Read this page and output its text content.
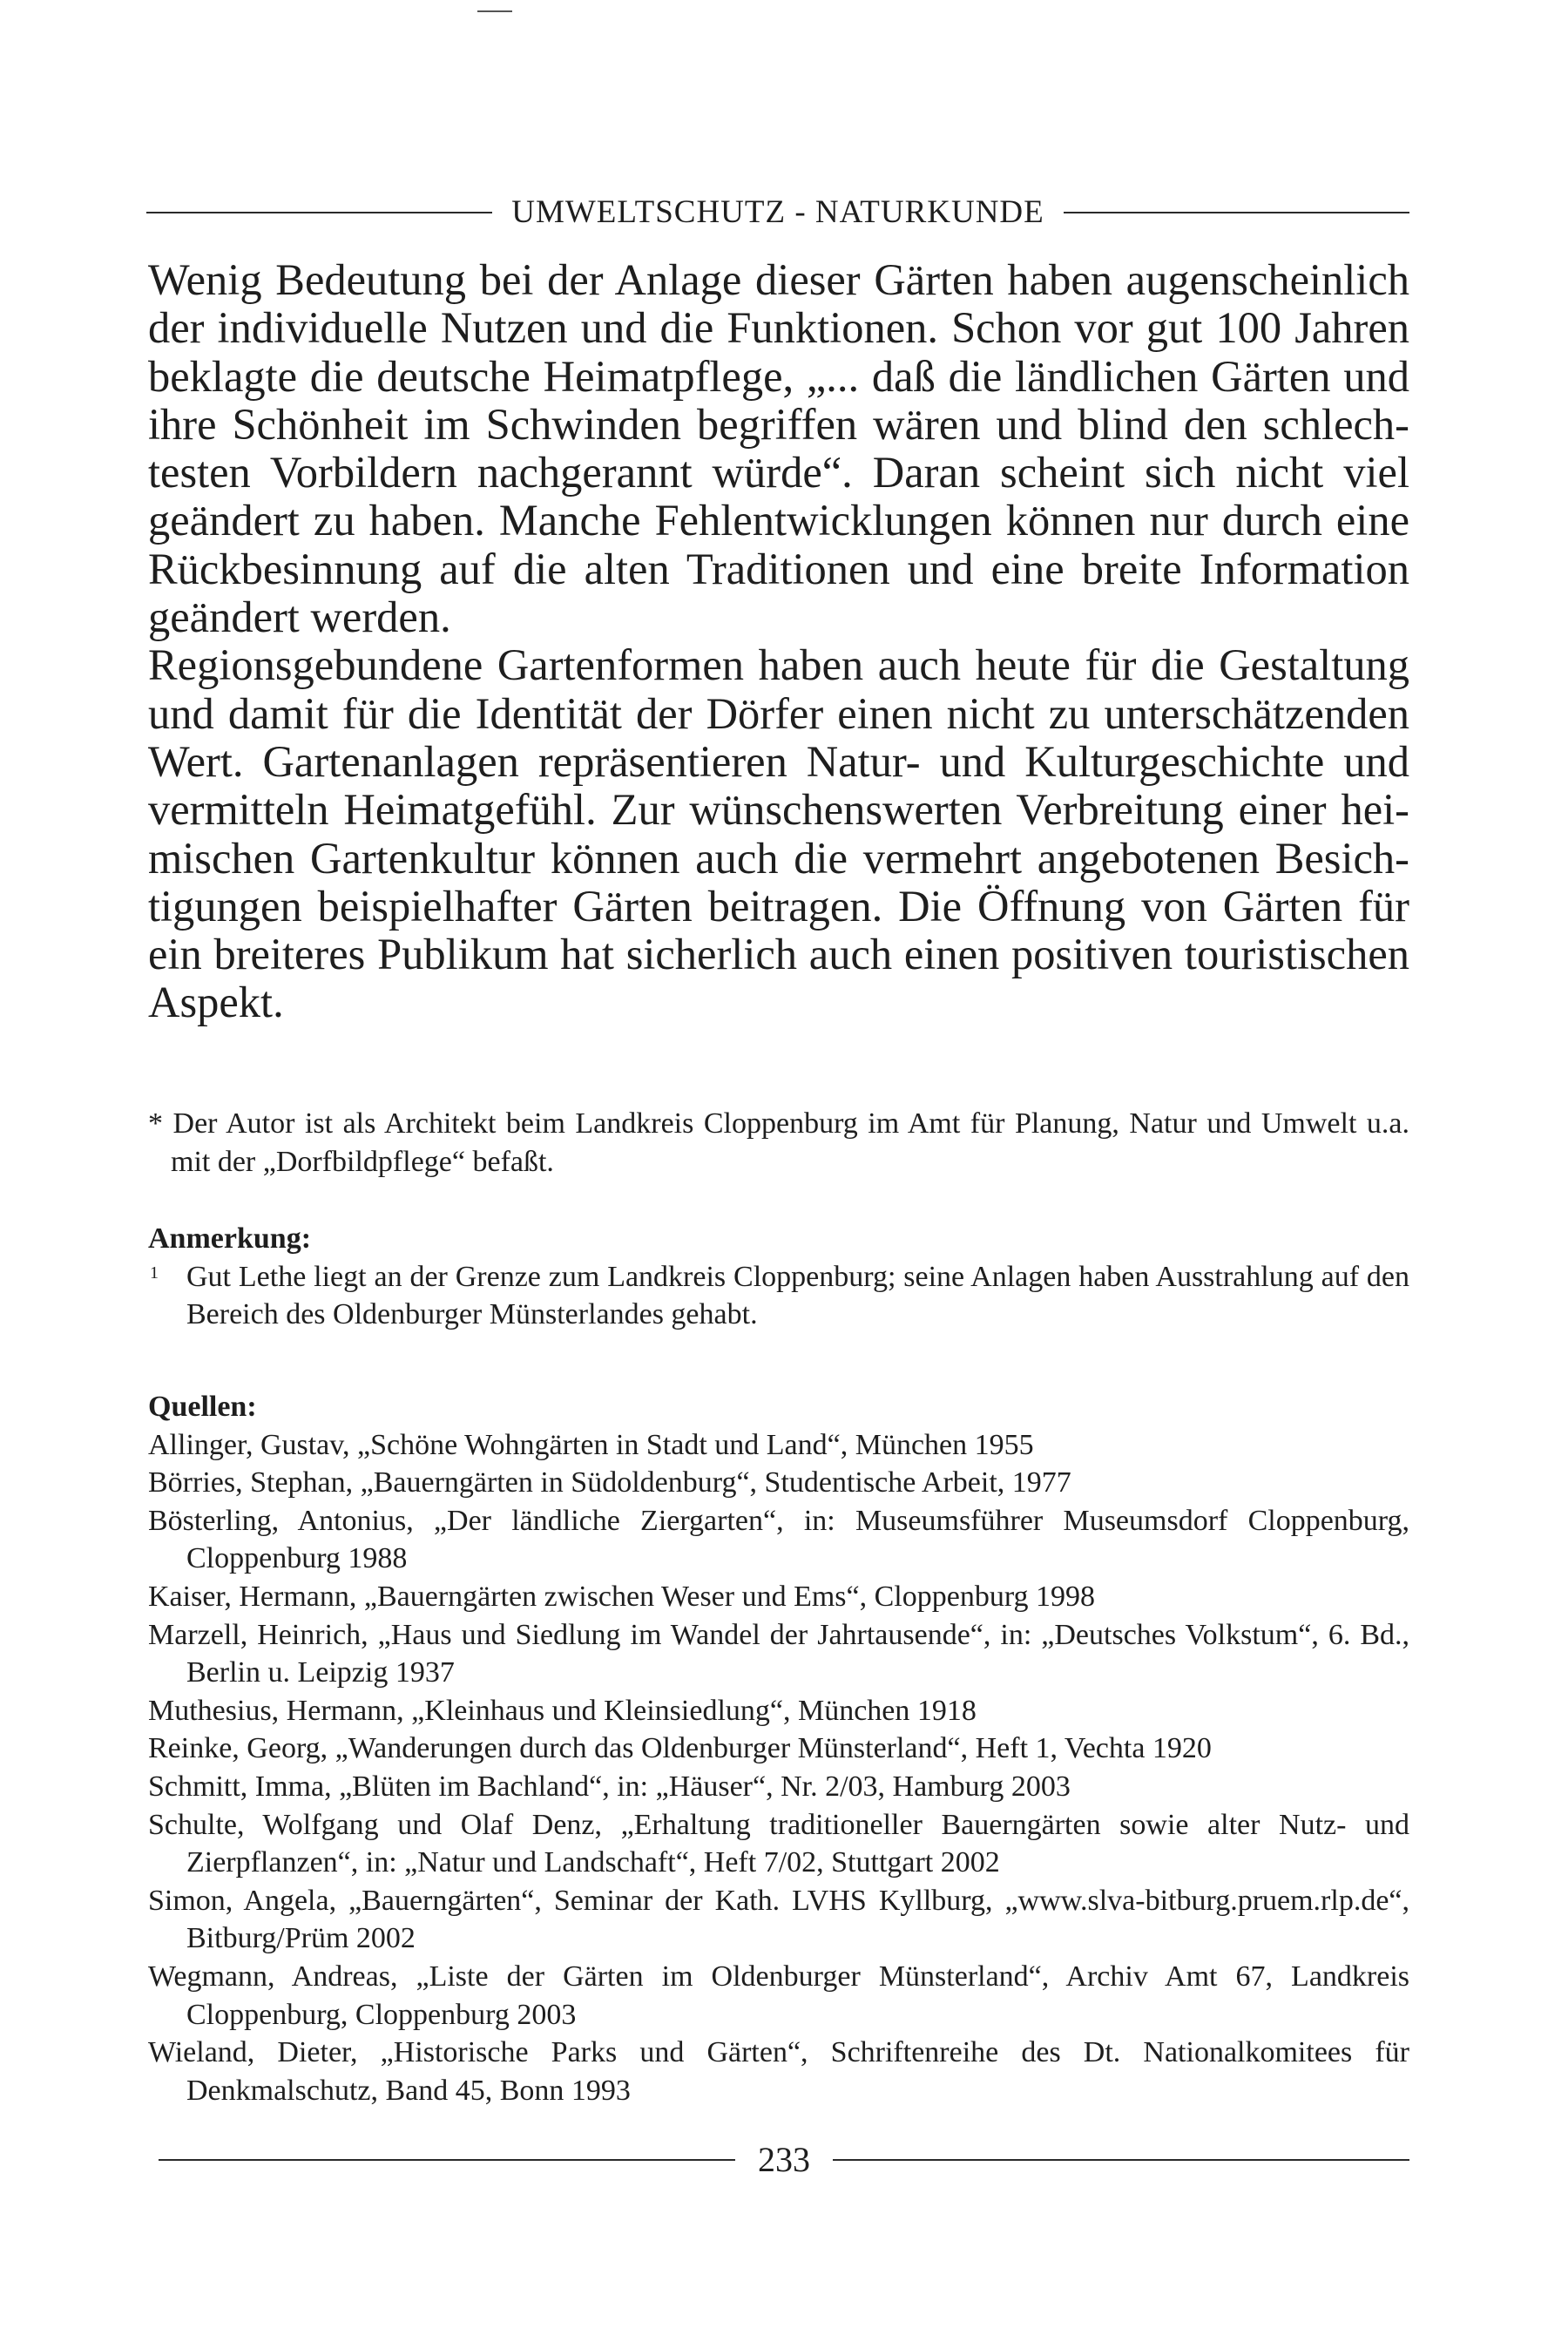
UMWELTSCHUTZ - NATURKUNDE

Wenig Bedeutung bei der Anlage dieser Gärten haben augenscheinlich der individuelle Nutzen und die Funktionen. Schon vor gut 100 Jahren beklagte die deutsche Heimatpflege, „... daß die ländlichen Gärten und ihre Schönheit im Schwinden begriffen wären und blind den schlechtesten Vorbildern nachgerannt würde“. Daran scheint sich nicht viel geändert zu haben. Manche Fehlentwicklungen können nur durch eine Rückbesinnung auf die alten Traditionen und eine breite Information geändert werden.

Regionsgebundene Gartenformen haben auch heute für die Gestaltung und damit für die Identität der Dörfer einen nicht zu unterschätzenden Wert. Gartenanlagen repräsentieren Natur- und Kulturgeschichte und vermitteln Heimatgefühl. Zur wünschenswerten Verbreitung einer heimischen Gartenkultur können auch die vermehrt angebotenen Besichtigungen beispielhafter Gärten beitragen. Die Öffnung von Gärten für ein breiteres Publikum hat sicherlich auch einen positiven touristischen Aspekt.

* Der Autor ist als Architekt beim Landkreis Cloppenburg im Amt für Planung, Natur und Umwelt u.a. mit der „Dorfbildpflege“ befaßt.

Anmerkung:

1 Gut Lethe liegt an der Grenze zum Landkreis Cloppenburg; seine Anlagen haben Ausstrahlung auf den Bereich des Oldenburger Münsterlandes gehabt.

Quellen:

Allinger, Gustav, „Schöne Wohngärten in Stadt und Land“, München 1955
Börries, Stephan, „Bauerngärten in Südoldenburg“, Studentische Arbeit, 1977
Bösterling, Antonius, „Der ländliche Ziergarten“, in: Museumsführer Museumsdorf Cloppenburg, Cloppenburg 1988
Kaiser, Hermann, „Bauerngärten zwischen Weser und Ems“, Cloppenburg 1998
Marzell, Heinrich, „Haus und Siedlung im Wandel der Jahrtausende“, in: „Deutsches Volkstum“, 6. Bd., Berlin u. Leipzig 1937
Muthesius, Hermann, „Kleinhaus und Kleinsiedlung“, München 1918
Reinke, Georg, „Wanderungen durch das Oldenburger Münsterland“, Heft 1, Vechta 1920
Schmitt, Imma, „Blüten im Bachland“, in: „Häuser“, Nr. 2/03, Hamburg 2003
Schulte, Wolfgang und Olaf Denz, „Erhaltung traditioneller Bauerngärten sowie alter Nutz- und Zierpflanzen“, in: „Natur und Landschaft“, Heft 7/02, Stuttgart 2002
Simon, Angela, „Bauerngärten“, Seminar der Kath. LVHS Kyllburg, „www.slva-bitburg.pruem.rlp.de“, Bitburg/Prüm 2002
Wegmann, Andreas, „Liste der Gärten im Oldenburger Münsterland“, Archiv Amt 67, Landkreis Cloppenburg, Cloppenburg 2003
Wieland, Dieter, „Historische Parks und Gärten“, Schriftenreihe des Dt. Nationalkomitees für Denkmalschutz, Band 45, Bonn 1993
233
